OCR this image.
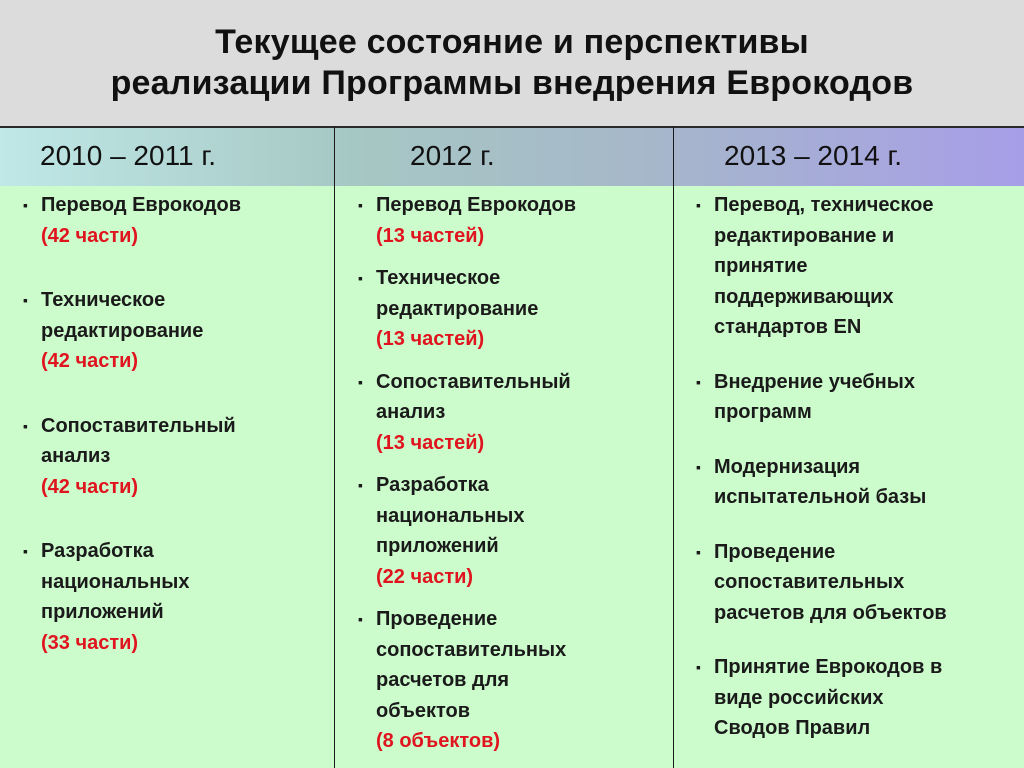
Текущее состояние и перспективы
реализации Программы внедрения Еврокодов
2010 – 2011 г.	2012 г.	2013 – 2014 г.
▪ Перевод Еврокодов
(42 части)
▪ Техническое
редактирование
(42 части)
▪ Сопоставительный
анализ
(42 части)
▪ Разработка
национальных
приложений
(33 части)
▪ Перевод Еврокодов
(13 частей)
▪ Техническое
редактирование
(13 частей)
▪ Сопоставительный
анализ
(13 частей)
▪ Разработка
национальных
приложений
(22 части)
▪ Проведение
сопоставительных
расчетов для
объектов
(8 объектов)
▪ Перевод, техническое
редактирование и
принятие
поддерживающих
стандартов EN
▪ Внедрение учебных
программ
▪ Модернизация
испытательной базы
▪ Проведение
сопоставительных
расчетов для объектов
▪ Принятие Еврокодов в
виде российских
Сводов Правил
